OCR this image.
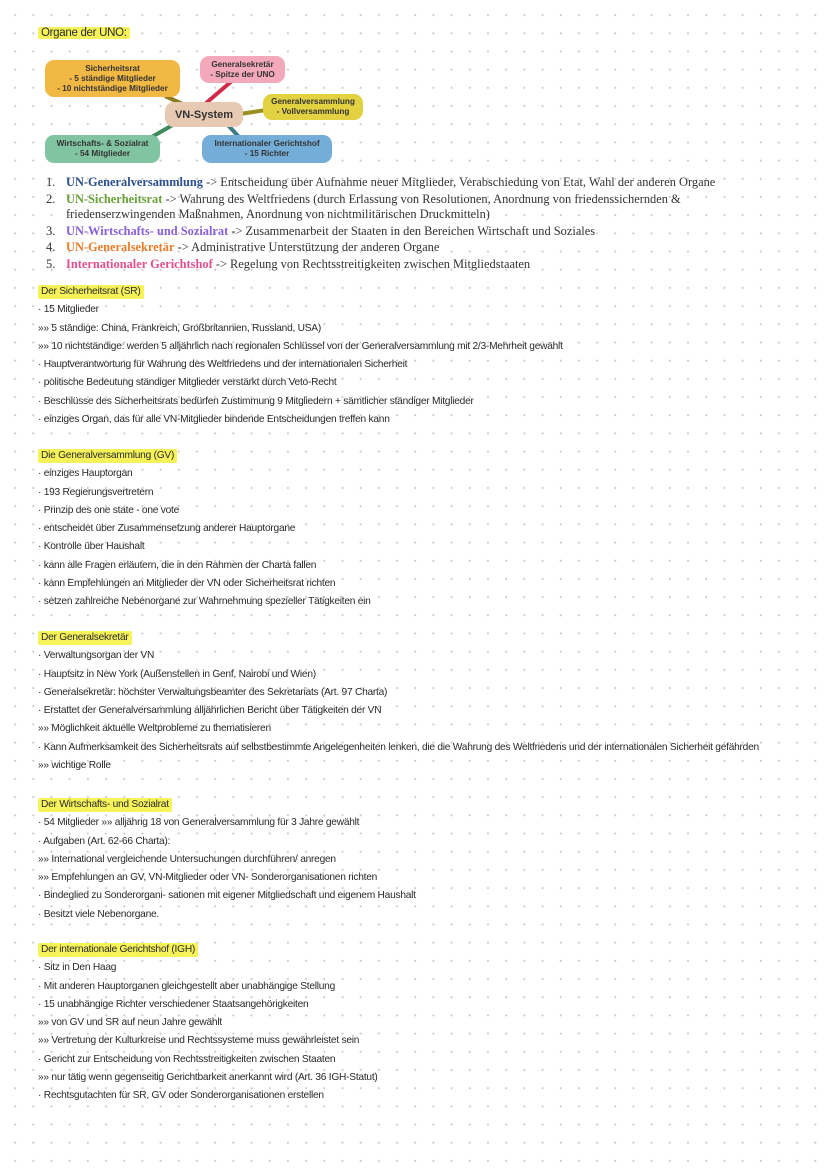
Organe der UNO:
Sicherheitsrat
- 5 ständige Mitglieder
- 10 nichtständige Mitglieder
Generalsekretär
- Spitze der UNO
Generalversammlung
- Vollversammlung
Wirtschafts- & Sozialrat
- 54 Mitglieder
Internationaler Gerichtshof
- 15 Richter
VN-System
1. UN-Generalversammlung -> Entscheidung über Aufnahme neuer Mitglieder, Verabschiedung von Etat, Wahl der anderen Organe
2. UN-Sicherheitsrat -> Wahrung des Weltfriedens (durch Erlassung von Resolutionen, Anordnung von friedenssichernden & friedenserzwingenden Maßnahmen, Anordnung von nichtmilitärischen Druckmitteln)
3. UN-Wirtschafts- und Sozialrat -> Zusammenarbeit der Staaten in den Bereichen Wirtschaft und Soziales
4. UN-Generalsekretär -> Administrative Unterstützung der anderen Organe
5. Internationaler Gerichtshof -> Regelung von Rechtsstreitigkeiten zwischen Mitgliedstaaten
Der Sicherheitsrat (SR)
· 15 Mitglieder
»» 5 ständige: China, Frankreich, Großbritannien, Russland, USA)
»» 10 nichtständige: werden 5 alljährlich nach regionalen Schlüssel von der Generalversammlung mit 2/3-Mehrheit gewählt
· Hauptverantwortung für Wahrung des Weltfriedens und der internationalen Sicherheit
· politische Bedeutung ständiger Mitglieder verstärkt durch Veto-Recht
· Beschlüsse des Sicherheitsrats bedürfen Zustimmung 9 Mitgliedern + sämtlicher ständiger Mitglieder
· einziges Organ, das für alle VN-Mitglieder bindende Entscheidungen treffen kann
Die Generalversammlung (GV)
· einziges Hauptorgan
· 193 Regierungsvertretern
· Prinzip des one state - one vote
· entscheidet über Zusammensetzung anderer Hauptorgane
· Kontrolle über Haushalt
· kann alle Fragen erläutern, die in den Rahmen der Charta fallen
· kann Empfehlungen an Mitglieder der VN oder Sicherheitsrat richten
· setzen zahlreiche Nebenorgane zur Wahrnehmung spezieller Tätigkeiten ein
Der Generalsekretär
· Verwaltungsorgan der VN
· Hauptsitz in New York (Außenstellen in Genf, Nairobi und Wien)
· Generalsekretär: höchster Verwaltungsbeamter des Sekretariats (Art. 97 Charta)
· Erstattet der Generalversammlung alljährlichen Bericht über Tätigkeiten der VN
»» Möglichkeit aktuelle Weltprobleme zu thematisieren
· Kann Aufmerksamkeit des Sicherheitsrats auf selbstbestimmte Angelegenheiten lenken, die die Wahrung des Weltfriedens und der internationalen Sicherheit gefährden
»» wichtige Rolle
Der Wirtschafts- und Sozialrat
· 54 Mitglieder »» alljährig 18 von Generalversammlung für 3 Jahre gewählt
· Aufgaben (Art. 62-66 Charta):
»» International vergleichende Untersuchungen durchführen/ anregen
»» Empfehlungen an GV, VN-Mitglieder oder VN- Sonderorganisationen richten
· Bindeglied zu Sonderorgani- sationen mit eigener Mitgliedschaft und eigenem Haushalt
· Besitzt viele Nebenorgane.
Der internationale Gerichtshof (IGH)
· Sitz in Den Haag
· Mit anderen Hauptorganen gleichgestellt aber unabhängige Stellung
· 15 unabhängige Richter verschiedener Staatsangehörigkeiten
»» von GV und SR auf neun Jahre gewählt
»» Vertretung der Kulturkreise und Rechtssysteme muss gewährleistet sein
· Gericht zur Entscheidung von Rechtsstreitigkeiten zwischen Staaten
»» nur tätig wenn gegenseitig Gerichtbarkeit anerkannt wird (Art. 36 IGH-Statut)
· Rechtsgutachten für SR, GV oder Sonderorganisationen erstellen
